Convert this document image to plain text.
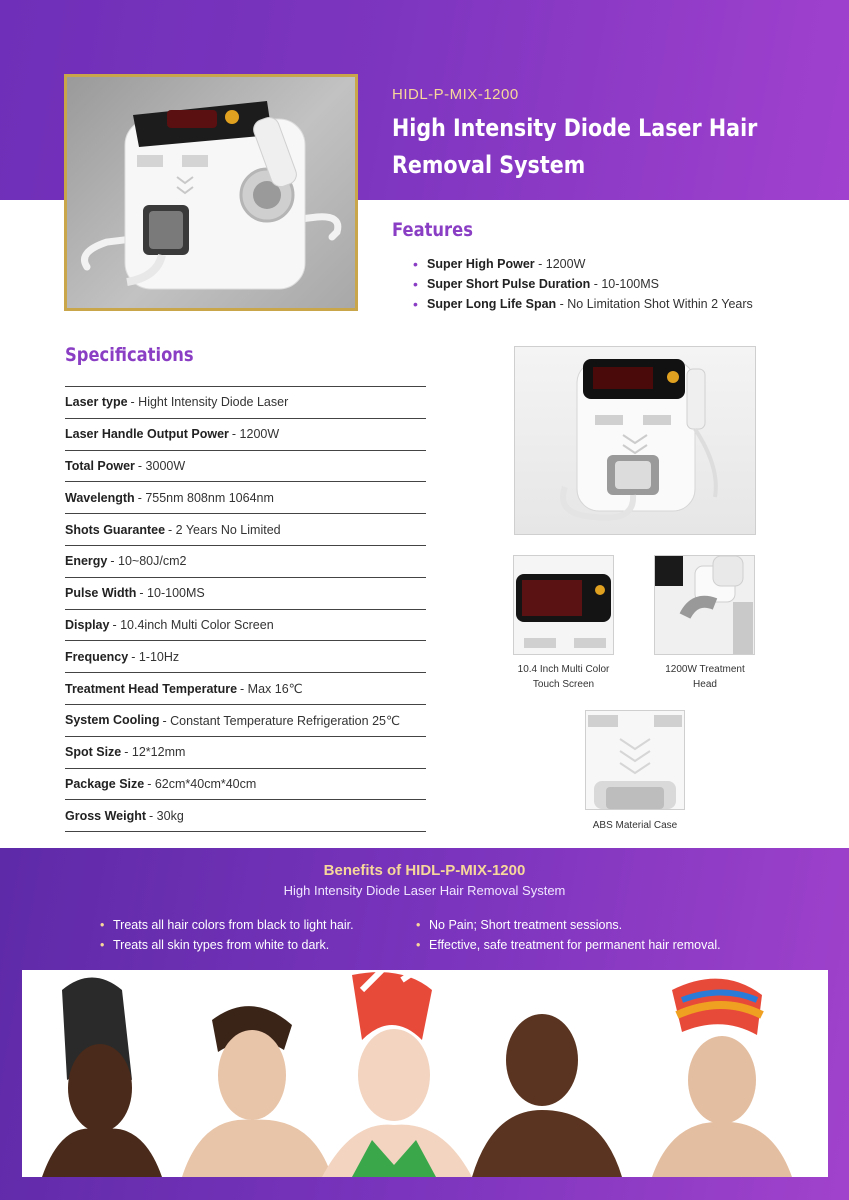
HIDL-P-MIX-1200
High Intensity Diode Laser Hair Removal System
Features
• Super High Power - 1200W
• Super Short Pulse Duration - 10-100MS
• Super Long Life Span - No Limitation Shot Within 2 Years
Specifications
Laser type - Hight Intensity Diode Laser
Laser Handle Output Power - 1200W
Total Power - 3000W
Wavelength - 755nm 808nm 1064nm
Shots Guarantee - 2 Years No Limited
Energy - 10~80J/cm2
Pulse Width - 10-100MS
Display - 10.4inch Multi Color Screen
Frequency - 1-10Hz
Treatment Head Temperature - Max 16℃
System Cooling - Constant Temperature Refrigeration 25℃
Spot Size - 12*12mm
Package Size - 62cm*40cm*40cm
Gross Weight - 30kg
10.4 Inch Multi Color
Touch Screen
1200W Treatment
Head
ABS Material Case
Benefits of HIDL-P-MIX-1200
High Intensity Diode Laser Hair Removal System
• Treats all hair colors from black to light hair.
• Treats all skin types from white to dark.
• No Pain; Short treatment sessions.
• Effective, safe treatment for permanent hair removal.
